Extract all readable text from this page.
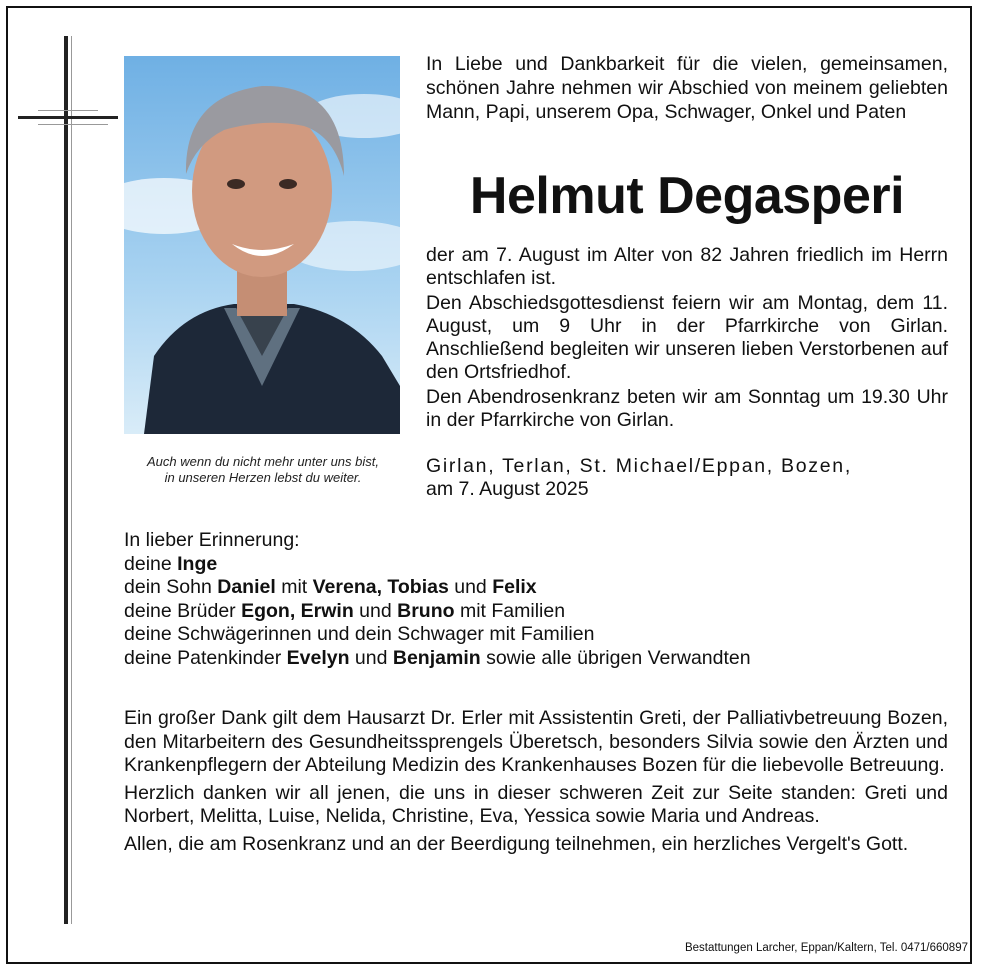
Auch wenn du nicht mehr unter uns bist,
in unseren Herzen lebst du weiter.
In Liebe und Dankbarkeit für die vielen, gemeinsamen, schönen Jahre nehmen wir Abschied von meinem geliebten Mann, Papi, unserem Opa, Schwager, Onkel und Paten
Helmut Degasperi

der am 7. August im Alter von 82 Jahren friedlich im Herrn entschlafen ist.

Den Abschiedsgottesdienst feiern wir am Montag, dem 11. August, um 9 Uhr in der Pfarrkirche von Girlan. Anschließend begleiten wir unseren lieben Verstorbenen auf den Ortsfriedhof.

Den Abendrosenkranz beten wir am Sonntag um 19.30 Uhr in der Pfarrkirche von Girlan.

Girlan, Terlan, St. Michael/Eppan, Bozen,
am 7. August 2025
In lieber Erinnerung:
deine Inge
dein Sohn Daniel mit Verena, Tobias und Felix
deine Brüder Egon, Erwin und Bruno mit Familien
deine Schwägerinnen und dein Schwager mit Familien
deine Patenkinder Evelyn und Benjamin sowie alle übrigen Verwandten

Ein großer Dank gilt dem Hausarzt Dr. Erler mit Assistentin Greti, der Palliativbetreuung Bozen, den Mitarbeitern des Gesundheitssprengels Überetsch, besonders Silvia sowie den Ärzten und Krankenpflegern der Abteilung Medizin des Krankenhauses Bozen für die liebevolle Betreuung.

Herzlich danken wir all jenen, die uns in dieser schweren Zeit zur Seite standen: Greti und Norbert, Melitta, Luise, Nelida, Christine, Eva, Yessica sowie Maria und Andreas.

Allen, die am Rosenkranz und an der Beerdigung teilnehmen, ein herzliches Vergelt's Gott.

Bestattungen Larcher, Eppan/Kaltern, Tel. 0471/660897
